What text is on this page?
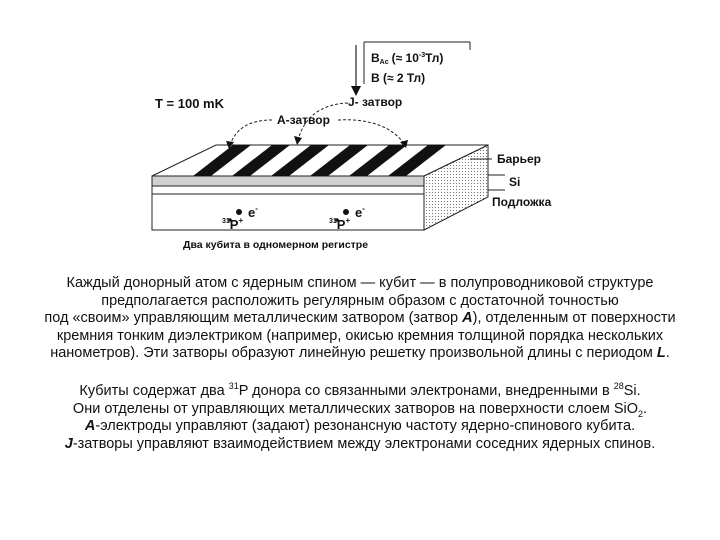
e-	e-
$^{31}$P+	$^{31}$P+
Два кубита в одномерном регистре
T = 100 mK
BAc (≈ $10^{-3}Тл$)
B (≈ 2 Тл)
J- затвор
A-затвор
Барьер
Si
Подложка

Каждый донорный атом с ядерным спином — кубит — в полупроводниковой структуре

предполагается расположить регулярным образом с достаточной точностью

под «своим» управляющим металлическим затвором (затвор A), отделенным от поверхности

кремния тонким диэлектриком (например, окисью кремния толщиной порядка нескольких

нанометров). Эти затворы образуют линейную решетку произвольной длины с периодом L.

Кубиты содержат два $^{31}$P донора со связанными электронами, внедренными в $^{28}$Si.

Они отделены от управляющих металлических затворов на поверхности слоем SiO$_2$.

A-электроды управляют (задают) резонансную частоту ядерно-спинового кубита.

J-затворы управляют взаимодействием между электронами соседних ядерных спинов.
